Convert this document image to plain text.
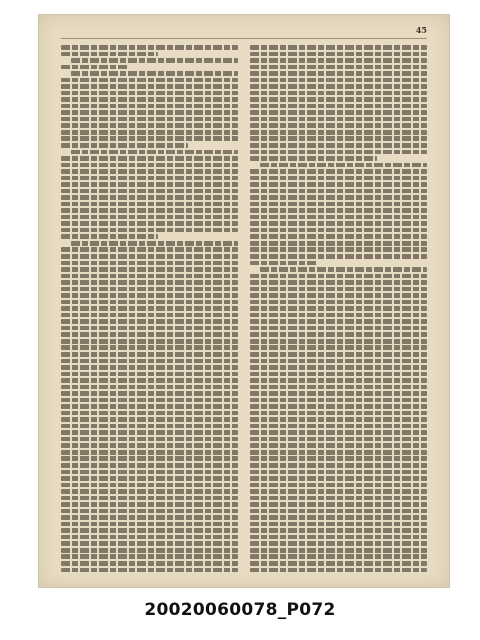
45
20020060078_P072
